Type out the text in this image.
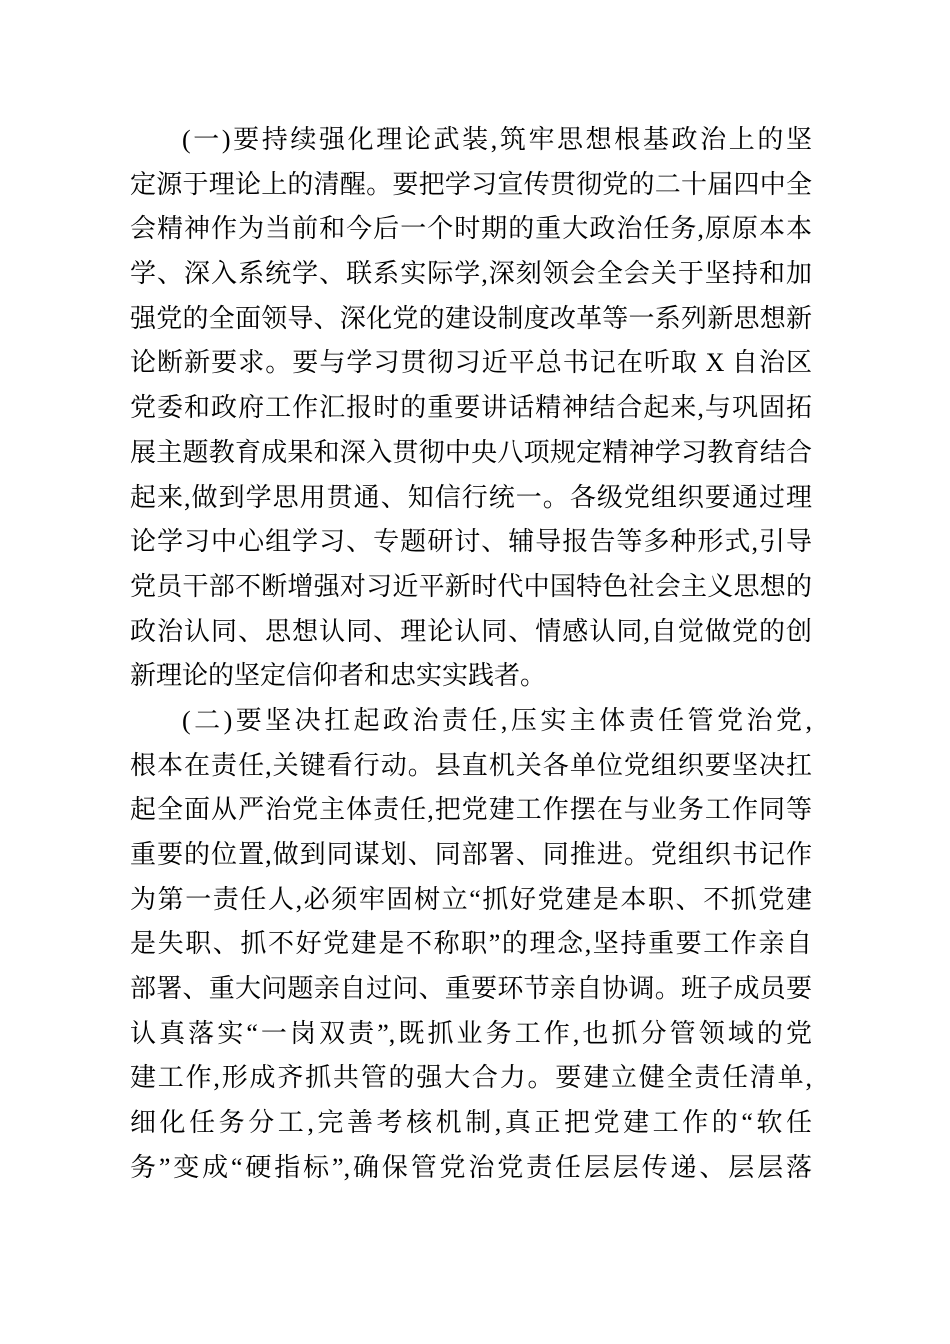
(一)要持续强化理论武装,筑牢思想根基政治上的坚
定源于理论上的清醒。要把学习宣传贯彻党的二十届四中全
会精神作为当前和今后一个时期的重大政治任务,原原本本
学、深入系统学、联系实际学,深刻领会全会关于坚持和加
强党的全面领导、深化党的建设制度改革等一系列新思想新
论断新要求。要与学习贯彻习近平总书记在听取 X 自治区
党委和政府工作汇报时的重要讲话精神结合起来,与巩固拓
展主题教育成果和深入贯彻中央八项规定精神学习教育结合
起来,做到学思用贯通、知信行统一。各级党组织要通过理
论学习中心组学习、专题研讨、辅导报告等多种形式,引导
党员干部不断增强对习近平新时代中国特色社会主义思想的
政治认同、思想认同、理论认同、情感认同,自觉做党的创
新理论的坚定信仰者和忠实实践者。
(二)要坚决扛起政治责任,压实主体责任管党治党,
根本在责任,关键看行动。县直机关各单位党组织要坚决扛
起全面从严治党主体责任,把党建工作摆在与业务工作同等
重要的位置,做到同谋划、同部署、同推进。党组织书记作
为第一责任人,必须牢固树立“抓好党建是本职、不抓党建
是失职、抓不好党建是不称职”的理念,坚持重要工作亲自
部署、重大问题亲自过问、重要环节亲自协调。班子成员要
认真落实“一岗双责”,既抓业务工作,也抓分管领域的党
建工作,形成齐抓共管的强大合力。要建立健全责任清单,
细化任务分工,完善考核机制,真正把党建工作的“软任
务”变成“硬指标”,确保管党治党责任层层传递、层层落
